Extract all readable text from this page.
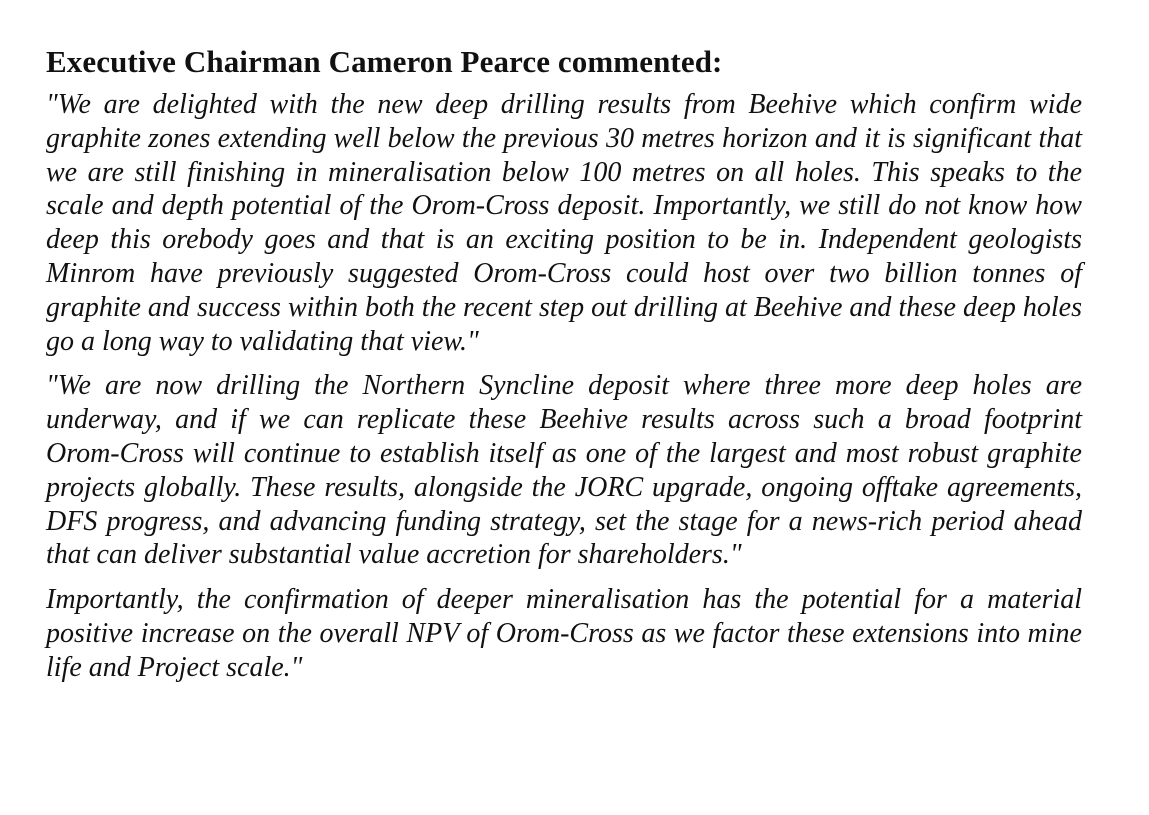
Executive Chairman Cameron Pearce commented:

"We are delighted with the new deep drilling results from Beehive which confirm wide graphite zones extending well below the previous 30 metres horizon and it is significant that we are still finishing in mineralisation below 100 metres on all holes. This speaks to the scale and depth potential of the Orom-Cross deposit. Importantly, we still do not know how deep this orebody goes and that is an exciting position to be in. Independent geologists Minrom have previously suggested Orom-Cross could host over two billion tonnes of graphite and success within both the recent step out drilling at Beehive and these deep holes go a long way to validating that view."

"We are now drilling the Northern Syncline deposit where three more deep holes are underway, and if we can replicate these Beehive results across such a broad footprint Orom-Cross will continue to establish itself as one of the largest and most robust graphite projects globally. These results, alongside the JORC upgrade, ongoing offtake agreements, DFS progress, and advancing funding strategy, set the stage for a news-rich period ahead that can deliver substantial value accretion for shareholders."

Importantly, the confirmation of deeper mineralisation has the potential for a material positive increase on the overall NPV of Orom-Cross as we factor these extensions into mine life and Project scale."
